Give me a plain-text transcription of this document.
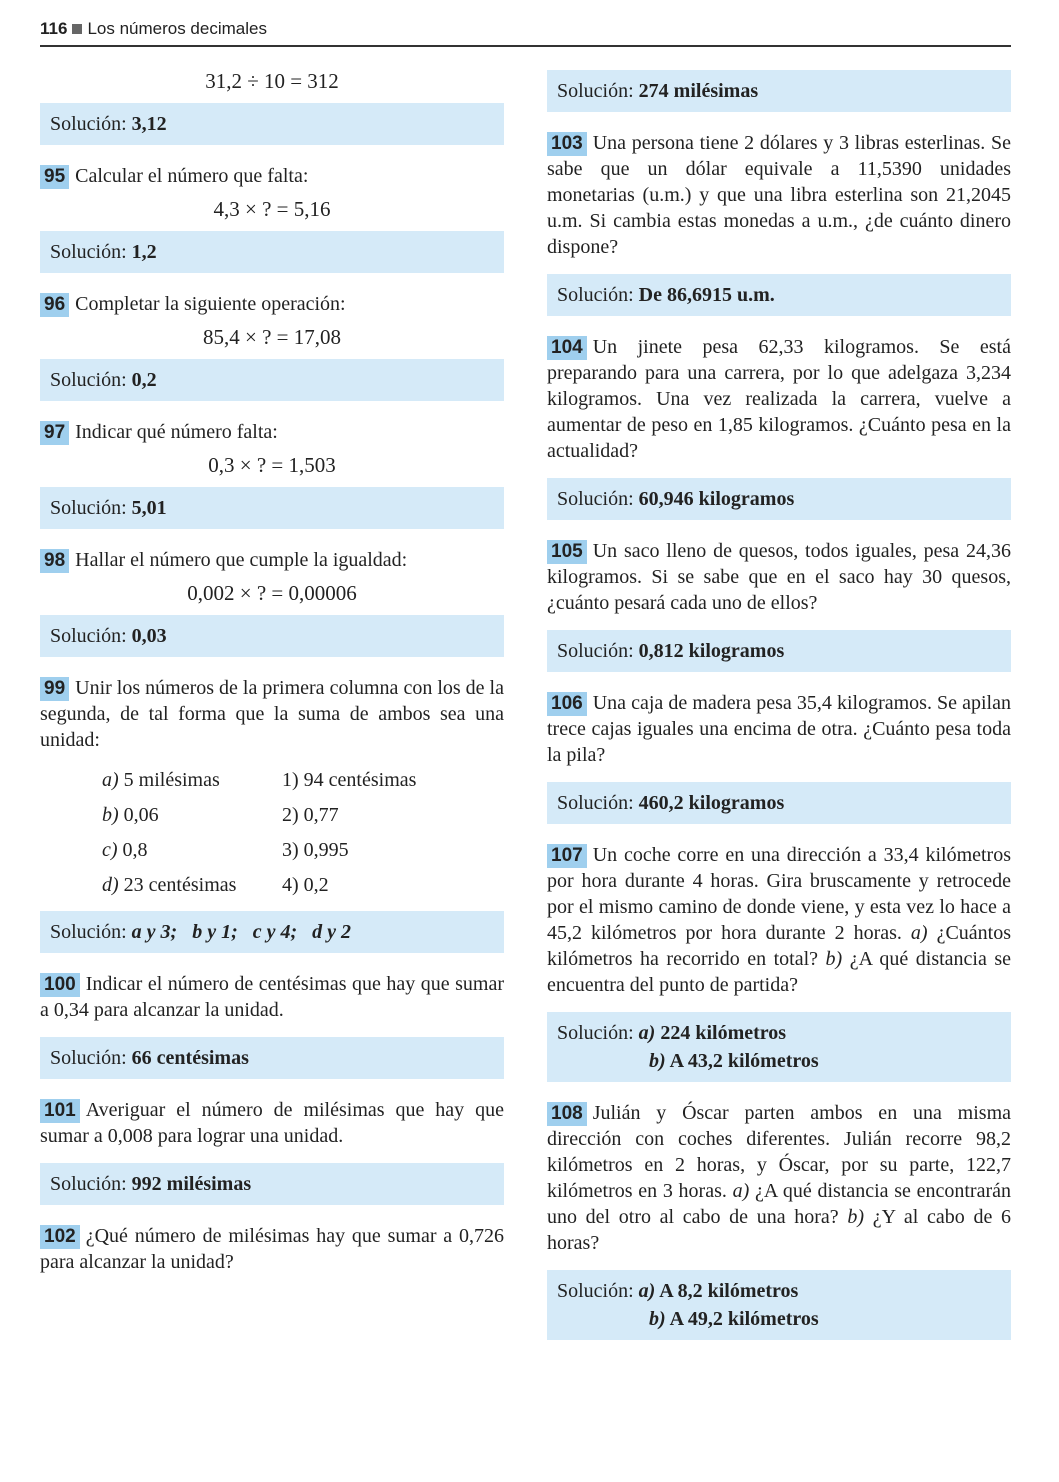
116 Los números decimales
31,2 ÷ 10 = 312
Solución: 3,12
95 Calcular el número que falta:
4,3 × ? = 5,16
Solución: 1,2
96 Completar la siguiente operación:
85,4 × ? = 17,08
Solución: 0,2
97 Indicar qué número falta:
0,3 × ? = 1,503
Solución: 5,01
98 Hallar el número que cumple la igualdad:
0,002 × ? = 0,00006
Solución: 0,03
99 Unir los números de la primera columna con los de la segunda, de tal forma que la suma de ambos sea una unidad:
a) 5 milésimas	1) 94 centésimas
b) 0,06	2) 0,77
c) 0,8	3) 0,995
d) 23 centésimas	4) 0,2
Solución: a y 3;   b y 1;   c y 4;   d y 2
100 Indicar el número de centésimas que hay que sumar a 0,34 para alcanzar la unidad.
Solución: 66 centésimas
101 Averiguar el número de milésimas que hay que sumar a 0,008 para lograr una unidad.
Solución: 992 milésimas
102 ¿Qué número de milésimas hay que sumar a 0,726 para alcanzar la unidad?
Solución: 274 milésimas
103 Una persona tiene 2 dólares y 3 libras esterlinas. Se sabe que un dólar equivale a 11,5390 unidades monetarias (u.m.) y que una libra esterlina son 21,2045 u.m. Si cambia estas monedas a u.m., ¿de cuánto dinero dispone?
Solución: De 86,6915 u.m.
104 Un jinete pesa 62,33 kilogramos. Se está preparando para una carrera, por lo que adelgaza 3,234 kilogramos. Una vez realizada la carrera, vuelve a aumentar de peso en 1,85 kilogramos. ¿Cuánto pesa en la actualidad?
Solución: 60,946 kilogramos
105 Un saco lleno de quesos, todos iguales, pesa 24,36 kilogramos. Si se sabe que en el saco hay 30 quesos, ¿cuánto pesará cada uno de ellos?
Solución: 0,812 kilogramos
106 Una caja de madera pesa 35,4 kilogramos. Se apilan trece cajas iguales una encima de otra. ¿Cuánto pesa toda la pila?
Solución: 460,2 kilogramos
107 Un coche corre en una dirección a 33,4 kilómetros por hora durante 4 horas. Gira bruscamente y retrocede por el mismo camino de donde viene, y esta vez lo hace a 45,2 kilómetros por hora durante 2 horas. a) ¿Cuántos kilómetros ha recorrido en total? b) ¿A qué distancia se encuentra del punto de partida?
Solución: a) 224 kilómetros
b) A 43,2 kilómetros
108 Julián y Óscar parten ambos en una misma dirección con coches diferentes. Julián recorre 98,2 kilómetros en 2 horas, y Óscar, por su parte, 122,7 kilómetros en 3 horas. a) ¿A qué distancia se encontrarán uno del otro al cabo de una hora? b) ¿Y al cabo de 6 horas?
Solución: a) A 8,2 kilómetros
b) A 49,2 kilómetros
